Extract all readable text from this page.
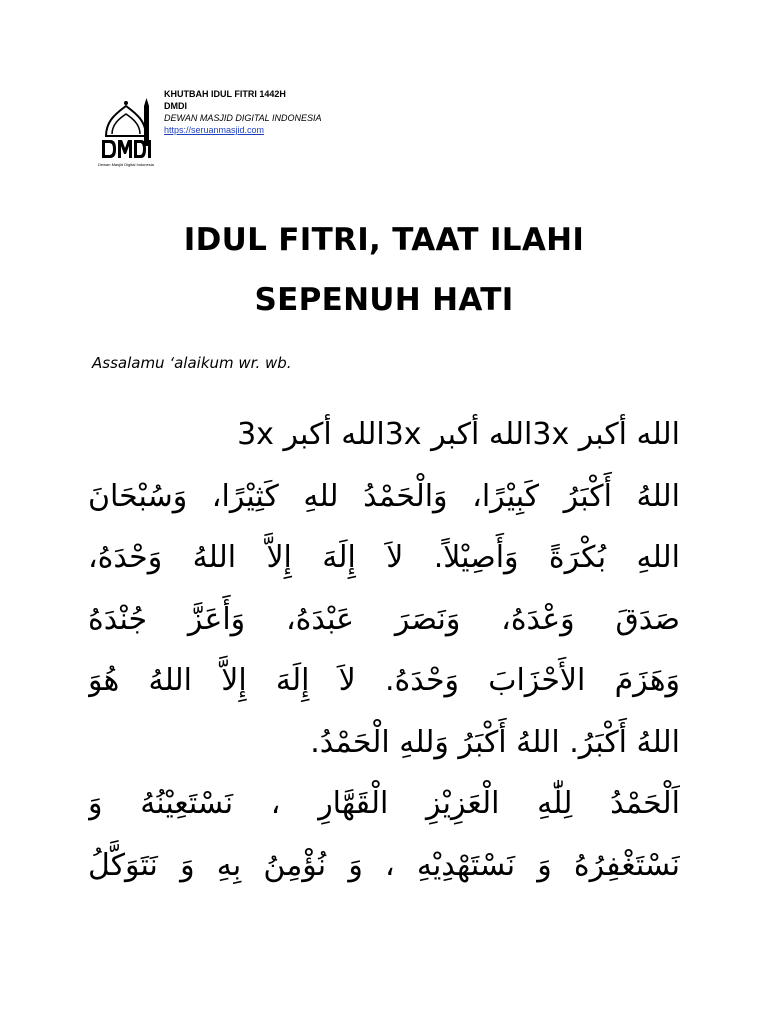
Dewan Masjid Digital Indonesia
KHUTBAH IDUL FITRI 1442H
DMDI
DEWAN MASJID DIGITAL INDONESIA
https://seruanmasjid.com
IDUL FITRI, TAAT ILAHI
SEPENUH HATI
Assalamu ‘alaikum wr. wb.
الله أكبر 3xالله أكبر 3xالله أكبر 3x
اللهُ أَكْبَرُ كَبِيْرًا، وَالْحَمْدُ للهِ كَثِيْرًا، وَسُبْحَانَ
اللهِ بُكْرَةً وَأَصِيْلاً. لاَ إِلَهَ إِلاَّ اللهُ وَحْدَهُ،
صَدَقَ وَعْدَهُ، وَنَصَرَ عَبْدَهُ، وَأَعَزَّ جُنْدَهُ
وَهَزَمَ الأَحْزَابَ وَحْدَهُ. لاَ إِلَهَ إِلاَّ اللهُ هُوَ
اللهُ أَكْبَرُ. اللهُ أَكْبَرُ وَللهِ الْحَمْدُ.
اَلْحَمْدُ لِلّٰهِ الْعَزِيْزِ الْقَهَّارِ ، نَسْتَعِيْنُهُ وَ
نَسْتَغْفِرُهُ وَ نَسْتَهْدِيْهِ ، وَ نُؤْمِنُ بِهِ وَ نَتَوَكَّلُ
